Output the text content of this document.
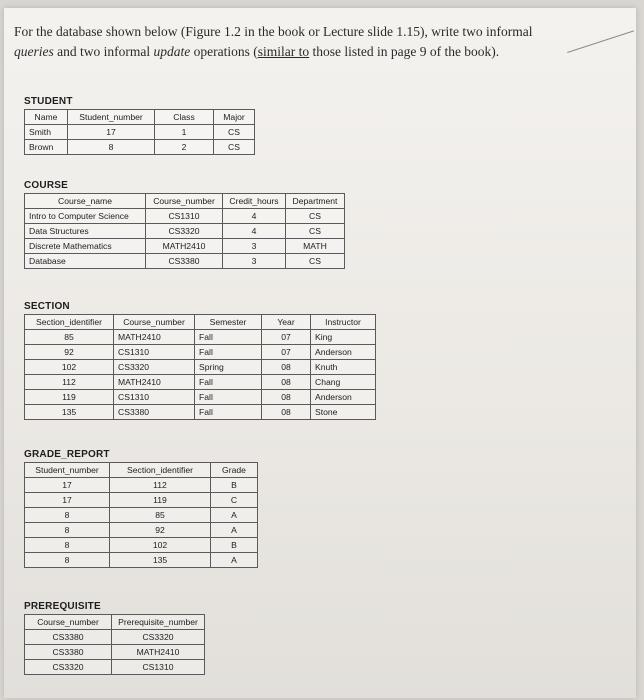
For the database shown below (Figure 1.2 in the book or Lecture slide 1.15), write two informal
queries and two informal update operations (similar to those listed in page 9 of the book).
STUDENT
Name	Student_number	Class	Major
Smith	17	1	CS
Brown	8	2	CS
COURSE
Course_name	Course_number	Credit_hours	Department
Intro to Computer Science	CS1310	4	CS
Data Structures	CS3320	4	CS
Discrete Mathematics	MATH2410	3	MATH
Database	CS3380	3	CS
SECTION
Section_identifier	Course_number	Semester	Year	Instructor
85	MATH2410	Fall	07	King
92	CS1310	Fall	07	Anderson
102	CS3320	Spring	08	Knuth
112	MATH2410	Fall	08	Chang
119	CS1310	Fall	08	Anderson
135	CS3380	Fall	08	Stone
GRADE_REPORT
Student_number	Section_identifier	Grade
17	112	B
17	119	C
8	85	A
8	92	A
8	102	B
8	135	A
PREREQUISITE
Course_number	Prerequisite_number
CS3380	CS3320
CS3380	MATH2410
CS3320	CS1310
